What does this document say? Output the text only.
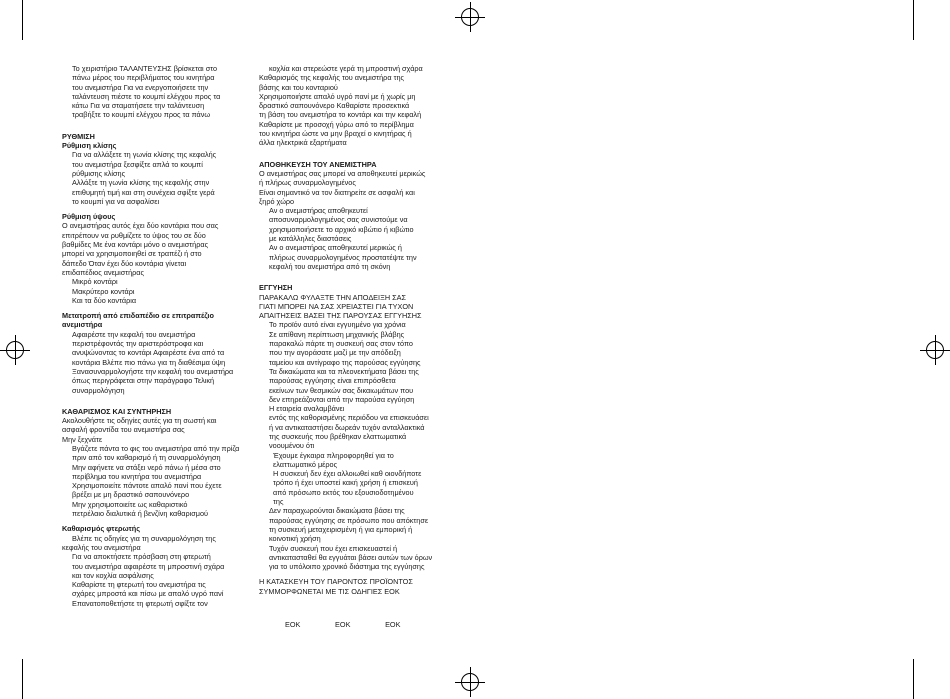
Το χειριστήριο ΤΑΛΑΝΤΕΥΣΗΣ βρίσκεται στο
πάνω μέρος του περιβλήματος του κινητήρα
του ανεμιστήρα Για να ενεργοποιήσετε την
ταλάντευση πιέστε το κουμπί ελέγχου προς τα
κάτω Για να σταματήσετε την ταλάντευση
τραβήξτε το κουμπί ελέγχου προς τα πάνω
ΡΥΘΜΙΣΗ
Ρύθμιση κλίσης
Για να αλλάξετε τη γωνία κλίσης της κεφαλής
του ανεμιστήρα ξεσφίξτε απλά το κουμπί
ρύθμισης κλίσης
Αλλάξτε τη γωνία κλίσης της κεφαλής στην
επιθυμητή τιμή και στη συνέχεια σφίξτε γερά
το κουμπί για να ασφαλίσει
Ρύθμιση ύψους
Ο ανεμιστήρας αυτός έχει δύο κοντάρια που σας
επιτρέπουν να ρυθμίζετε το ύψος του σε δύο
βαθμίδες Με ένα κοντάρι μόνο ο ανεμιστήρας
μπορεί να χρησιμοποιηθεί σε τραπέζι ή στο
δάπεδο Όταν έχει δύο κοντάρια γίνεται
επιδαπέδιος ανεμιστήρας
Μικρό κοντάρι
Μακρύτερο κοντάρι
Και τα δύο κοντάρια
Μετατροπή από επιδαπέδιο σε επιτραπέζιο
ανεμιστήρα
Αφαιρέστε την κεφαλή του ανεμιστήρα
περιστρέφοντάς την αριστερόστροφα και
ανυψώνοντας το κοντάρι Αφαιρέστε ένα από τα
κοντάρια Βλέπε πιο πάνω για τη διαθέσιμα ύψη
Ξανασυναρμολογήστε την κεφαλή του ανεμιστήρα
όπως περιγράφεται στην παράγραφο Τελική
συναρμολόγηση
ΚΑΘΑΡΙΣΜΟΣ ΚΑΙ ΣΥΝΤΗΡΗΣΗ
Ακολουθήστε τις οδηγίες αυτές για τη σωστή και
ασφαλή φροντίδα του ανεμιστήρα σας
Μην ξεχνάτε
Βγάζετε πάντα το φις του ανεμιστήρα από την πρίζα
πριν από τον καθαρισμό ή τη συναρμολόγηση
Μην αφήνετε να στάξει νερό πάνω ή μέσα στο
περίβλημα του κινητήρα του ανεμιστήρα
Χρησιμοποιείτε πάντοτε απαλό πανί που έχετε
βρέξει με μη δραστικό σαπουνόνερο
Μην χρησιμοποιείτε ως καθαριστικό
πετρέλαιο διαλυτικά ή βενζίνη καθαρισμού
Καθαρισμός φτερωτής
Βλέπε τις οδηγίες για τη συναρμολόγηση της
κεφαλής του ανεμιστήρα
Για να αποκτήσετε πρόσβαση στη φτερωτή
του ανεμιστήρα αφαιρέστε τη μπροστινή σχάρα
και τον κοχλία ασφάλισης
Καθαρίστε τη φτερωτή του ανεμιστήρα τις
σχάρες μπροστά και πίσω με απαλό υγρό πανί
Επανατοποθετήστε τη φτερωτή σφίξτε τον
κοχλία και στερεώστε γερά τη μπροστινή σχάρα
Καθαρισμός της κεφαλής του ανεμιστήρα της
βάσης και του κονταριού
Χρησιμοποιήστε απαλό υγρό πανί με ή χωρίς μη
δραστικό σαπουνόνερο Καθαρίστε προσεκτικά
τη βάση του ανεμιστήρα το κοντάρι και την κεφαλή
Καθαρίστε με προσοχή γύρω από το περίβλημα
του κινητήρα ώστε να μην βραχεί ο κινητήρας ή
άλλα ηλεκτρικά εξαρτήματα
ΑΠΟΘΗΚΕΥΣΗ ΤΟΥ ΑΝΕΜΙΣΤΗΡΑ
Ο ανεμιστήρας σας μπορεί να αποθηκευτεί μερικώς
ή πλήρως συναρμολογημένος
Είναι σημαντικό να τον διατηρείτε σε ασφαλή και
ξηρό χώρο
Αν ο ανεμιστήρας αποθηκευτεί
αποσυναρμολογημένος σας συνιστούμε να
χρησιμοποιήσετε το αρχικό κιβώτιο ή κιβώτιο
με κατάλληλες διαστάσεις
Αν ο ανεμιστήρας αποθηκευτεί μερικώς ή
πλήρως συναρμολογημένος προστατέψτε την
κεφαλή του ανεμιστήρα από τη σκόνη
ΕΓΓΥΗΣΗ
ΠΑΡΑΚΑΛΩ ΦΥΛΑΞΤΕ ΤΗΝ ΑΠΟΔΕΙΞΗ ΣΑΣ
ΓΙΑΤΙ ΜΠΟΡΕΙ ΝΑ ΣΑΣ ΧΡΕΙΑΣΤΕΙ ΓΙΑ ΤΥΧΟΝ
ΑΠΑΙΤΗΣΕΙΣ ΒΑΣΕΙ ΤΗΣ ΠΑΡΟΥΣΑΣ ΕΓΓΥΗΣΗΣ
Το προϊόν αυτό είναι εγγυημένο για χρόνια
Σε απίθανη περίπτωση μηχανικής βλάβης
παρακαλώ πάρτε τη συσκευή σας στον τόπο
που την αγοράσατε μαζί με την απόδειξη
ταμείου και αντίγραφο της παρούσας εγγύησης
Τα δικαιώματα και τα πλεονεκτήματα βάσει της
παρούσας εγγύησης είναι επιπρόσθετα
εκείνων των θεσμικών σας δικαιωμάτων που
δεν επηρεάζονται από την παρούσα εγγύηση
Η εταιρεία αναλαμβάνει
εντός της καθορισμένης περιόδου να επισκευάσει
ή να αντικαταστήσει δωρεάν τυχόν ανταλλακτικά
της συσκευής που βρέθηκαν ελαττωματικά
νοουμένου ότι
Έχουμε έγκαιρα πληροφορηθεί για το
ελαττωματικό μέρος
Η συσκευή δεν έχει αλλοιωθεί καθ οιονδήποτε
τρόπο ή έχει υποστεί κακή χρήση ή επισκευή
από πρόσωπο εκτός του εξουσιοδοτημένου
της
Δεν παραχωρούνται δικαιώματα βάσει της
παρούσας εγγύησης σε πρόσωπο που απόκτησε
τη συσκευή μεταχειρισμένη ή για εμπορική ή
κοινοτική χρήση
Τυχόν συσκευή που έχει επισκευαστεί ή
αντικατασταθεί θα εγγυάται βάσει αυτών των όρων
για το υπόλοιπο χρονικό διάστημα της εγγύησης
Η ΚΑΤΑΣΚΕΥΗ ΤΟΥ ΠΑΡΟΝΤΟΣ ΠΡΟΪΟΝΤΟΣ
ΣΥΜΜΟΡΦΩΝΕΤΑΙ ΜΕ ΤΙΣ ΟΔΗΓΙΕΣ ΕΟΚ
ΕΟΚ	ΕΟΚ	ΕΟΚ
